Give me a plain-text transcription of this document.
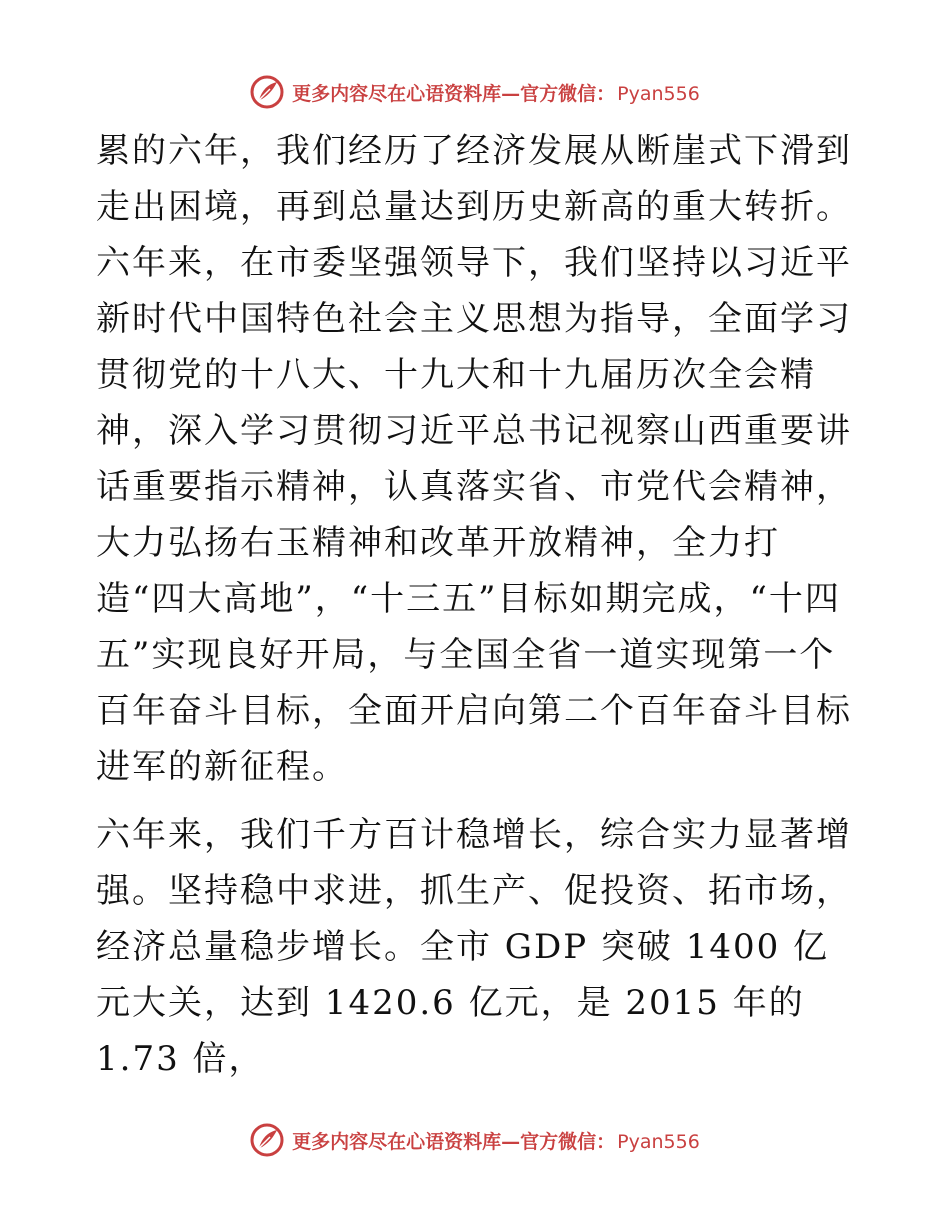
更多内容尽在心语资料库—官方微信： Pyan556

累的六年，我们经历了经济发展从断崖式下滑到走出困境，再到总量达到历史新高的重大转折。六年来，在市委坚强领导下，我们坚持以习近平新时代中国特色社会主义思想为指导，全面学习贯彻党的十八大、十九大和十九届历次全会精神，深入学习贯彻习近平总书记视察山西重要讲话重要指示精神，认真落实省、市党代会精神，大力弘扬右玉精神和改革开放精神，全力打造“四大高地”，“十三五”目标如期完成，“十四五”实现良好开局，与全国全省一道实现第一个百年奋斗目标，全面开启向第二个百年奋斗目标进军的新征程。

六年来，我们千方百计稳增长，综合实力显著增强。坚持稳中求进，抓生产、促投资、拓市场，经济总量稳步增长。全市 GDP 突破 1400 亿元大关，达到 1420.6 亿元，是 2015 年的 1.73 倍，

更多内容尽在心语资料库—官方微信： Pyan556
